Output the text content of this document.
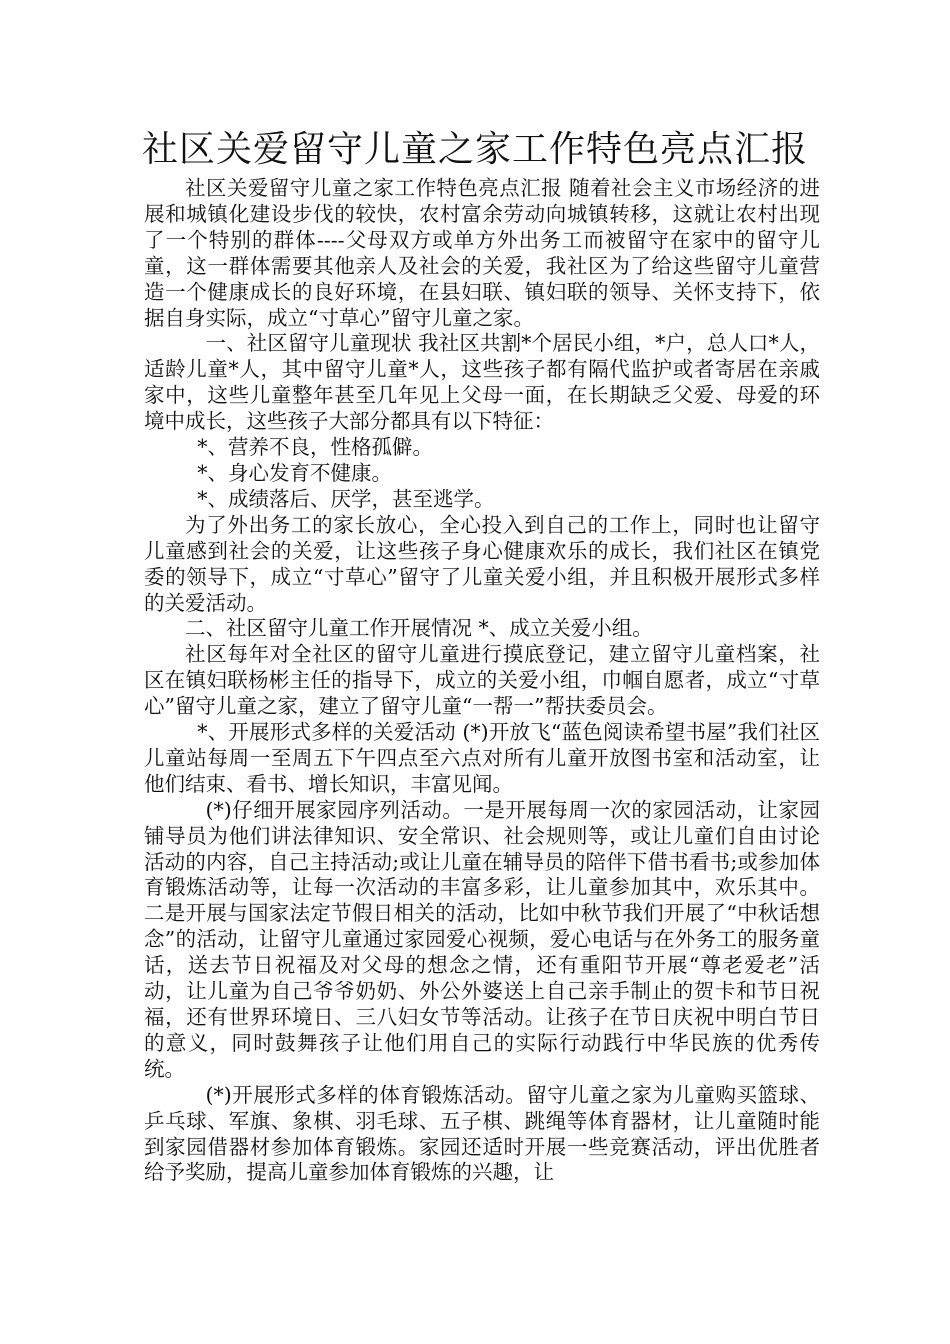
社区关爱留守儿童之家工作特色亮点汇报

社区关爱留守儿童之家工作特色亮点汇报 随着社会主义市场经济的进展和城镇化建设步伐的较快，农村富余劳动向城镇转移，这就让农村出现了一个特别的群体----父母双方或单方外出务工而被留守在家中的留守儿童，这一群体需要其他亲人及社会的关爱，我社区为了给这些留守儿童营造一个健康成长的良好环境，在县妇联、镇妇联的领导、关怀支持下，依据自身实际，成立“寸草心”留守儿童之家。

一、社区留守儿童现状 我社区共割*个居民小组，*户，总人口*人，适龄儿童*人，其中留守儿童*人，这些孩子都有隔代监护或者寄居在亲戚家中，这些儿童整年甚至几年见上父母一面，在长期缺乏父爱、母爱的环境中成长，这些孩子大部分都具有以下特征：

*、营养不良，性格孤僻。

*、身心发育不健康。

*、成绩落后、厌学，甚至逃学。

为了外出务工的家长放心，全心投入到自己的工作上，同时也让留守儿童感到社会的关爱，让这些孩子身心健康欢乐的成长，我们社区在镇党委的领导下，成立“寸草心”留守了儿童关爱小组，并且积极开展形式多样的关爱活动。

二、社区留守儿童工作开展情况 *、成立关爱小组。

社区每年对全社区的留守儿童进行摸底登记，建立留守儿童档案，社区在镇妇联杨彬主任的指导下，成立的关爱小组，巾帼自愿者，成立“寸草心”留守儿童之家，建立了留守儿童“一帮一”帮扶委员会。

*、开展形式多样的关爱活动 (*)开放飞“蓝色阅读希望书屋”我们社区儿童站每周一至周五下午四点至六点对所有儿童开放图书室和活动室，让他们结束、看书、增长知识，丰富见闻。

(*)仔细开展家园序列活动。一是开展每周一次的家园活动，让家园铺导员为他们讲法律知识、安全常识、社会规则等，或让儿童们自由讨论活动的内容，自己主持活动;或让儿童在辅导员的陪伴下借书看书;或参加体育锻炼活动等，让每一次活动的丰富多彩，让儿童参加其中，欢乐其中。二是开展与国家法定节假日相关的活动，比如中秋节我们开展了“中秋话想念”的活动，让留守儿童通过家园爱心视频，爱心电话与在外务工的服务童话，送去节日祝福及对父母的想念之情，还有重阳节开展“尊老爱老”活动，让儿童为自己爷爷奶奶、外公外婆送上自己亲手制止的贺卡和节日祝福，还有世界环境日、三八妇女节等活动。让孩子在节日庆祝中明白节日的意义，同时鼓舞孩子让他们用自己的实际行动践行中华民族的优秀传统。

(*)开展形式多样的体育锻炼活动。留守儿童之家为儿童购买篮球、乒乓球、军旗、象棋、羽毛球、五子棋、跳绳等体育器材，让儿童随时能到家园借器材参加体育锻炼。家园还适时开展一些竞赛活动，评出优胜者给予奖励，提高儿童参加体育锻炼的兴趣，让
